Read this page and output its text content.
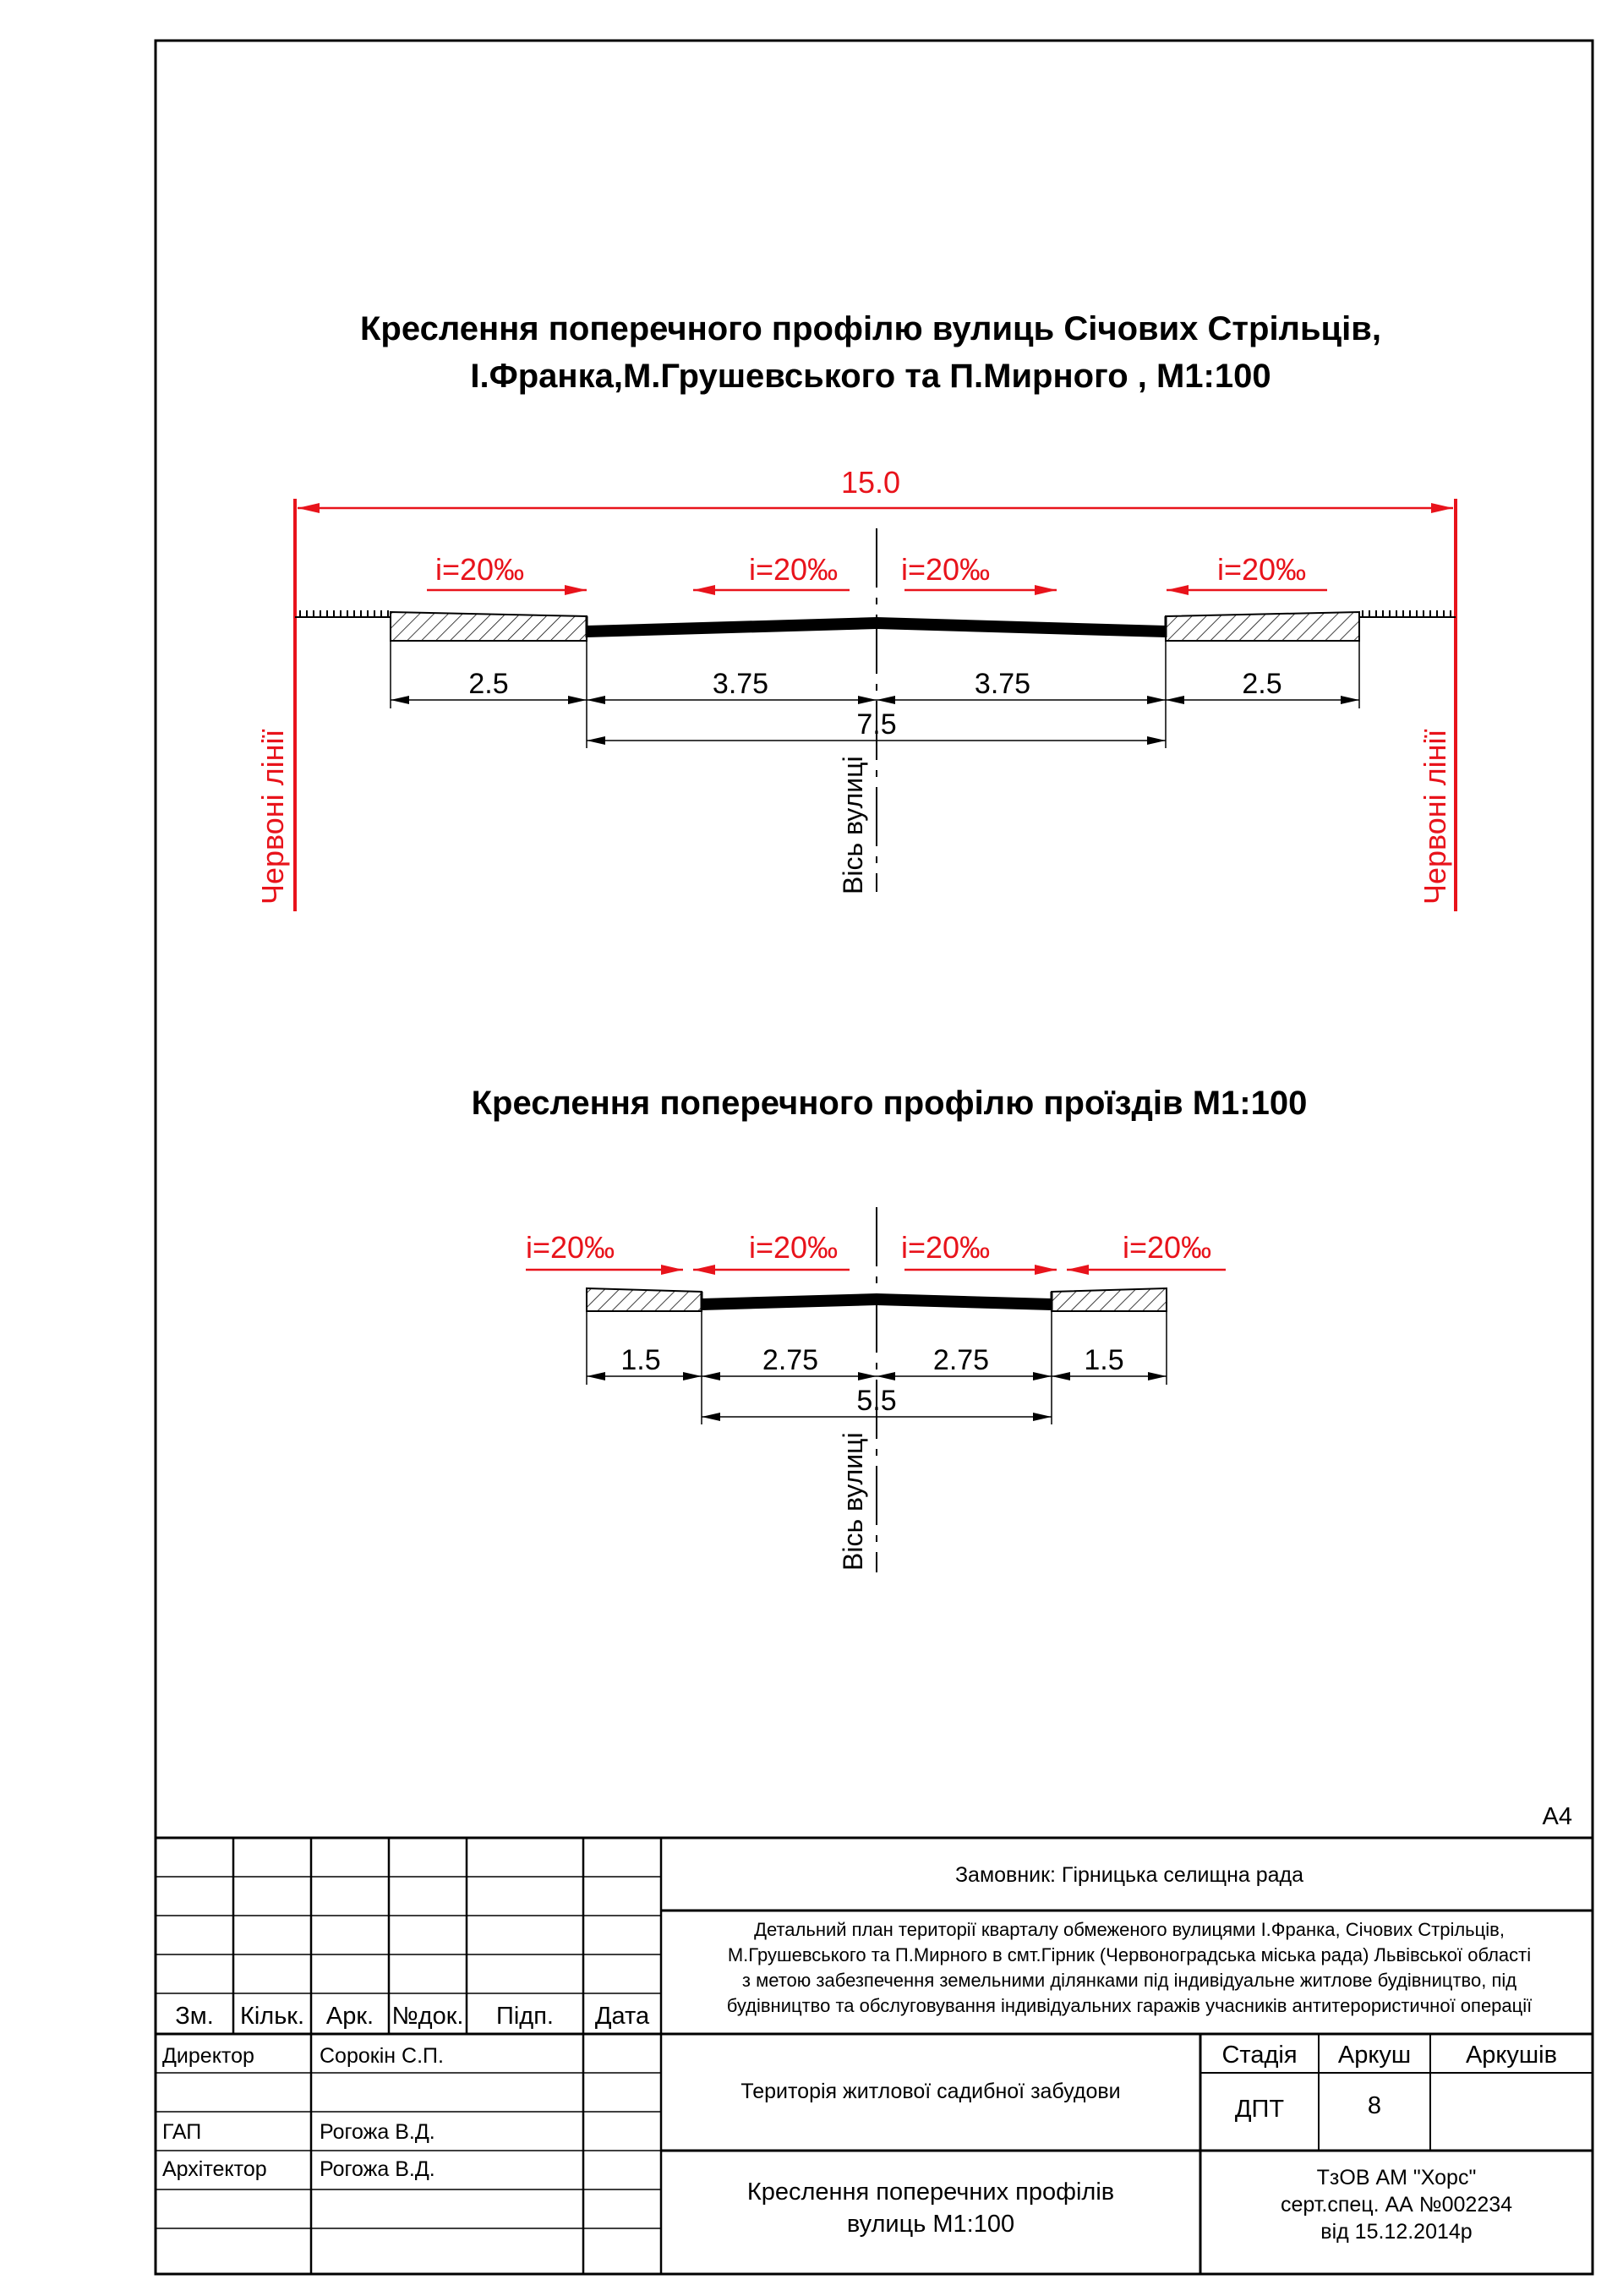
Креслення поперечного профілю вулиць Січових Стрільців,
І.Франка,М.Грушевського та П.Мирного , М1:100
15.0
Вісь вулиці
Червоні лінії	Червоні лінії
i=20‰	i=20‰ i=20‰	i=20‰
2.5	3.75	3.75	2.5
7.5
Креслення поперечного профілю проїздів М1:100
Вісь вулиці
i=20‰	i=20‰ i=20‰	i=20‰
1.5	2.75	2.75	1.5
5.5
А4
Зм. Кільк. Арк. №док. Підп. Дата
Директор	Сорокін С.П.
ГАП	Рогожа В.Д.
Архітектор Рогожа В.Д.
Замовник: Гірницька селищна рада
Детальний план території кварталу обмеженого вулицями І.Франка, Січових Стрільців,
М.Грушевського та П.Мирного в смт.Гірник (Червоноградська міська рада) Львівської області
з метою забезпечення земельними ділянками під індивідуальне житлове будівництво, під
будівництво та обслуговування індивідуальних гаражів учасників антитерористичної операції
Територія житлової садибної забудови
Стадія Аркуш Аркушів
ДПТ	8
Креслення поперечних профілів
вулиць М1:100
ТзОВ АМ "Хорс"
серт.спец. АА №002234
від 15.12.2014р
